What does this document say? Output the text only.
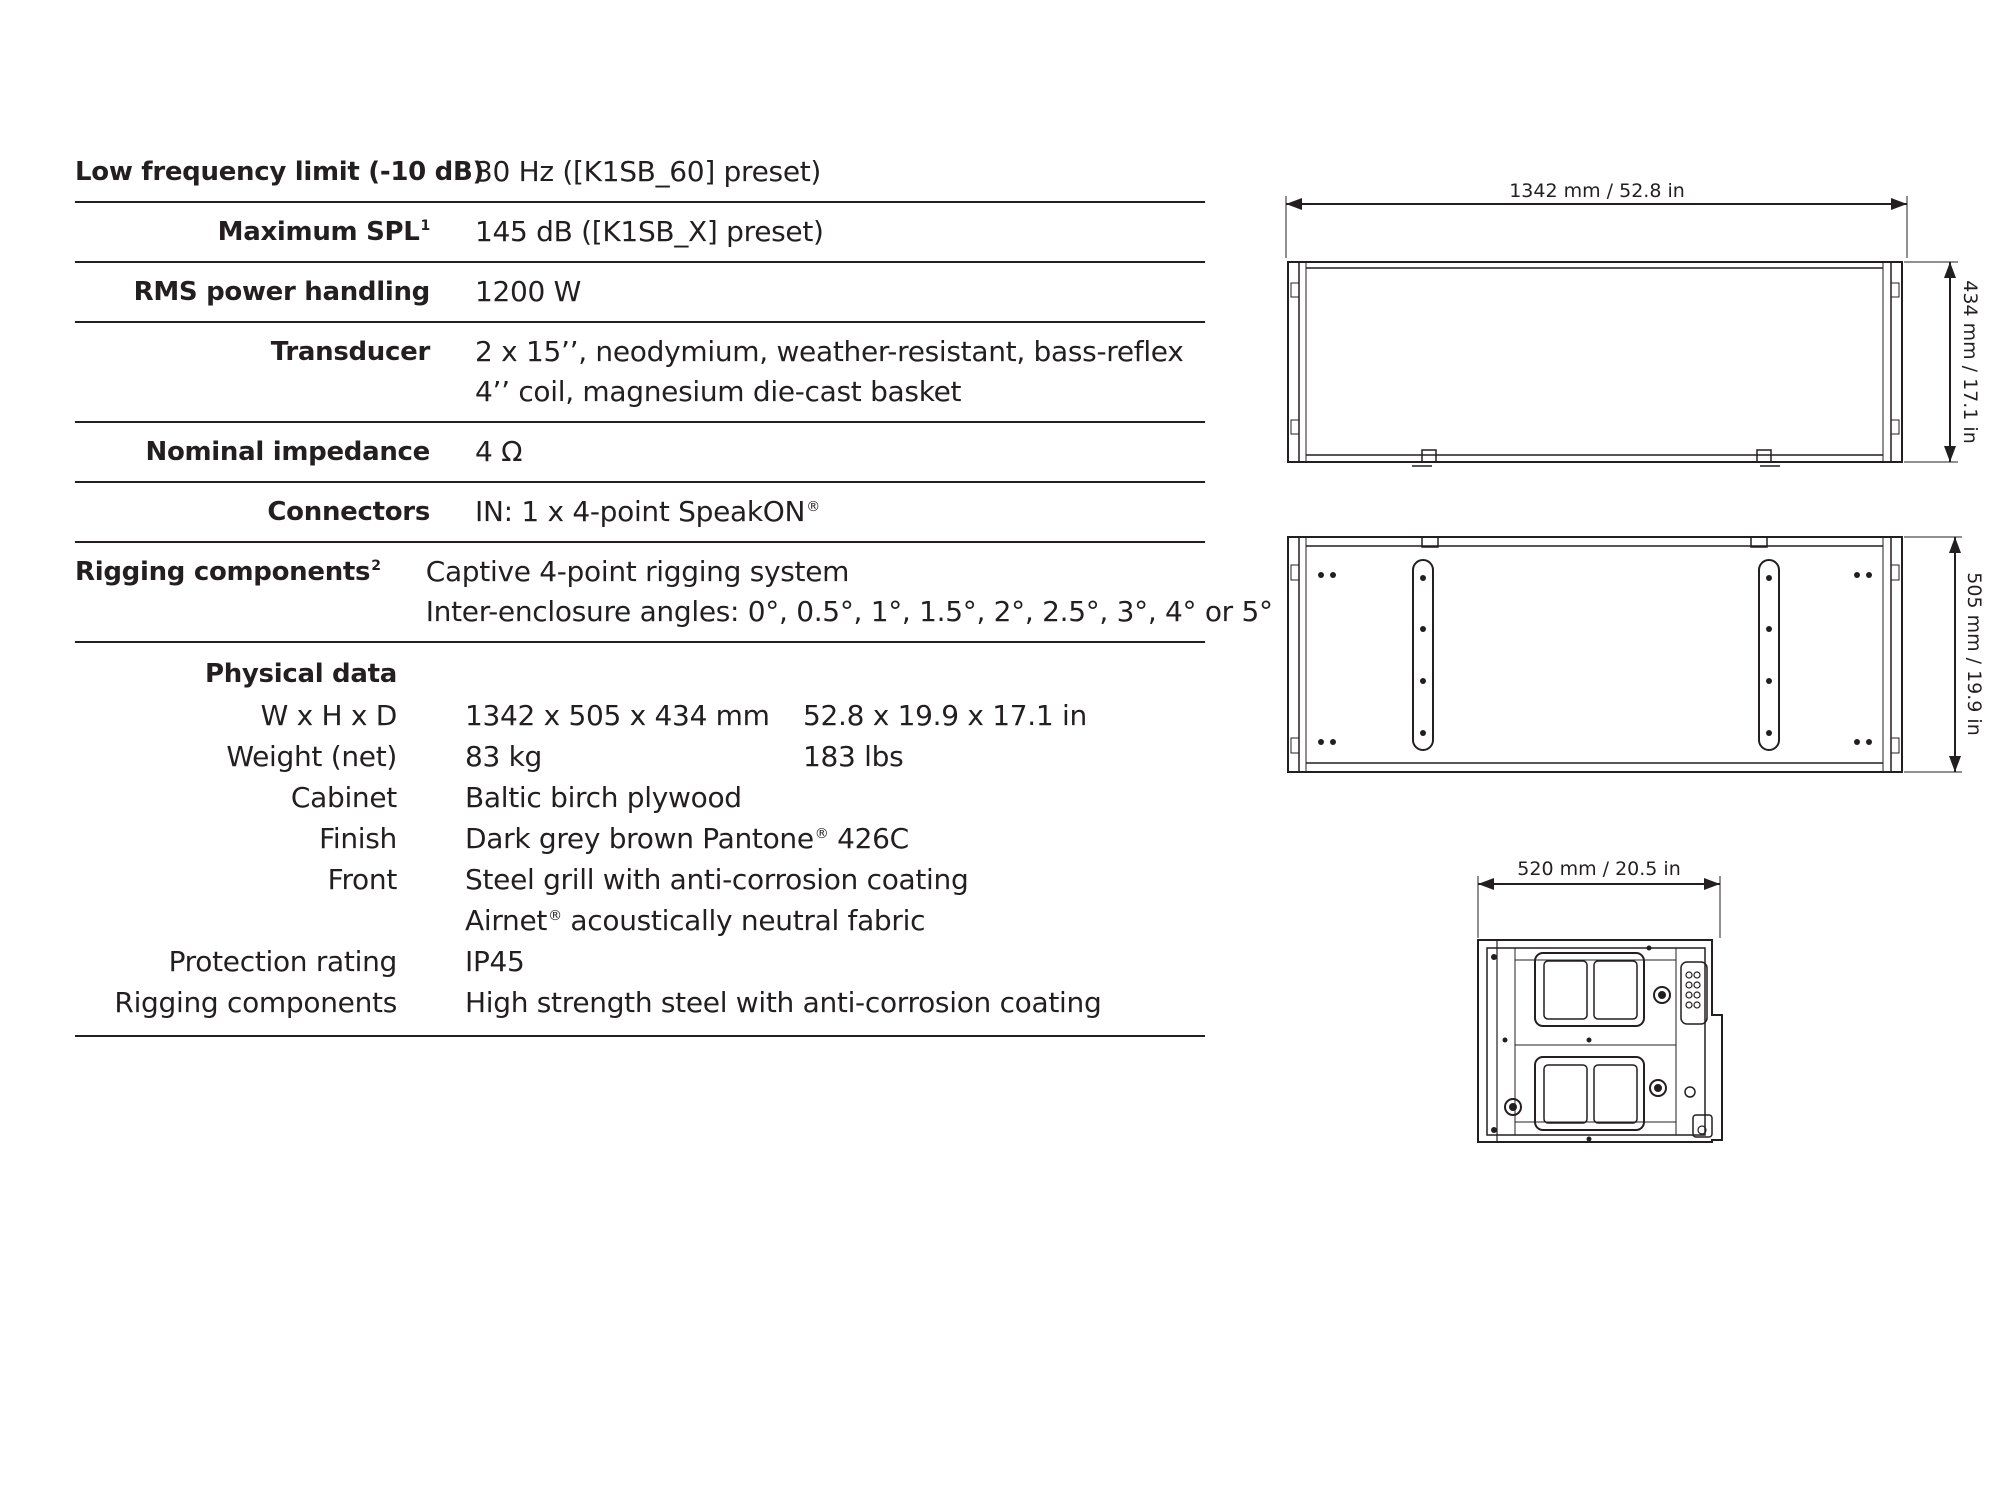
Low frequency limit (-10 dB)
30 Hz ([K1SB_60] preset)
Maximum SPL$^1$ 145 dB ([K1SB_X] preset)
RMS power handling 1200 W
Transducer 2 x 15’’, neodymium, weather-resistant, bass-reflex
4’’ coil, magnesium die-cast basket
Nominal impedance 4 Ω
Connectors IN: 1 x 4-point SpeakON®
Rigging components$^2$ Captive 4-point rigging system
Inter-enclosure angles: 0°, 0.5°, 1°, 1.5°, 2°, 2.5°, 3°, 4° or 5°
Physical data
W x H x D 1342 x 505 x 434 mm	52.8 x 19.9 x 17.1 in
Weight (net) 83 kg	183 lbs
Cabinet Baltic birch plywood
Finish Dark grey brown Pantone® 426C
Front Steel grill with anti-corrosion coating
Airnet® acoustically neutral fabric
Protection rating IP45
Rigging components High strength steel with anti-corrosion coating
1342 mm / 52.8 in
434 mm / 17.1 in
505 mm / 19.9 in
520 mm / 20.5 in
